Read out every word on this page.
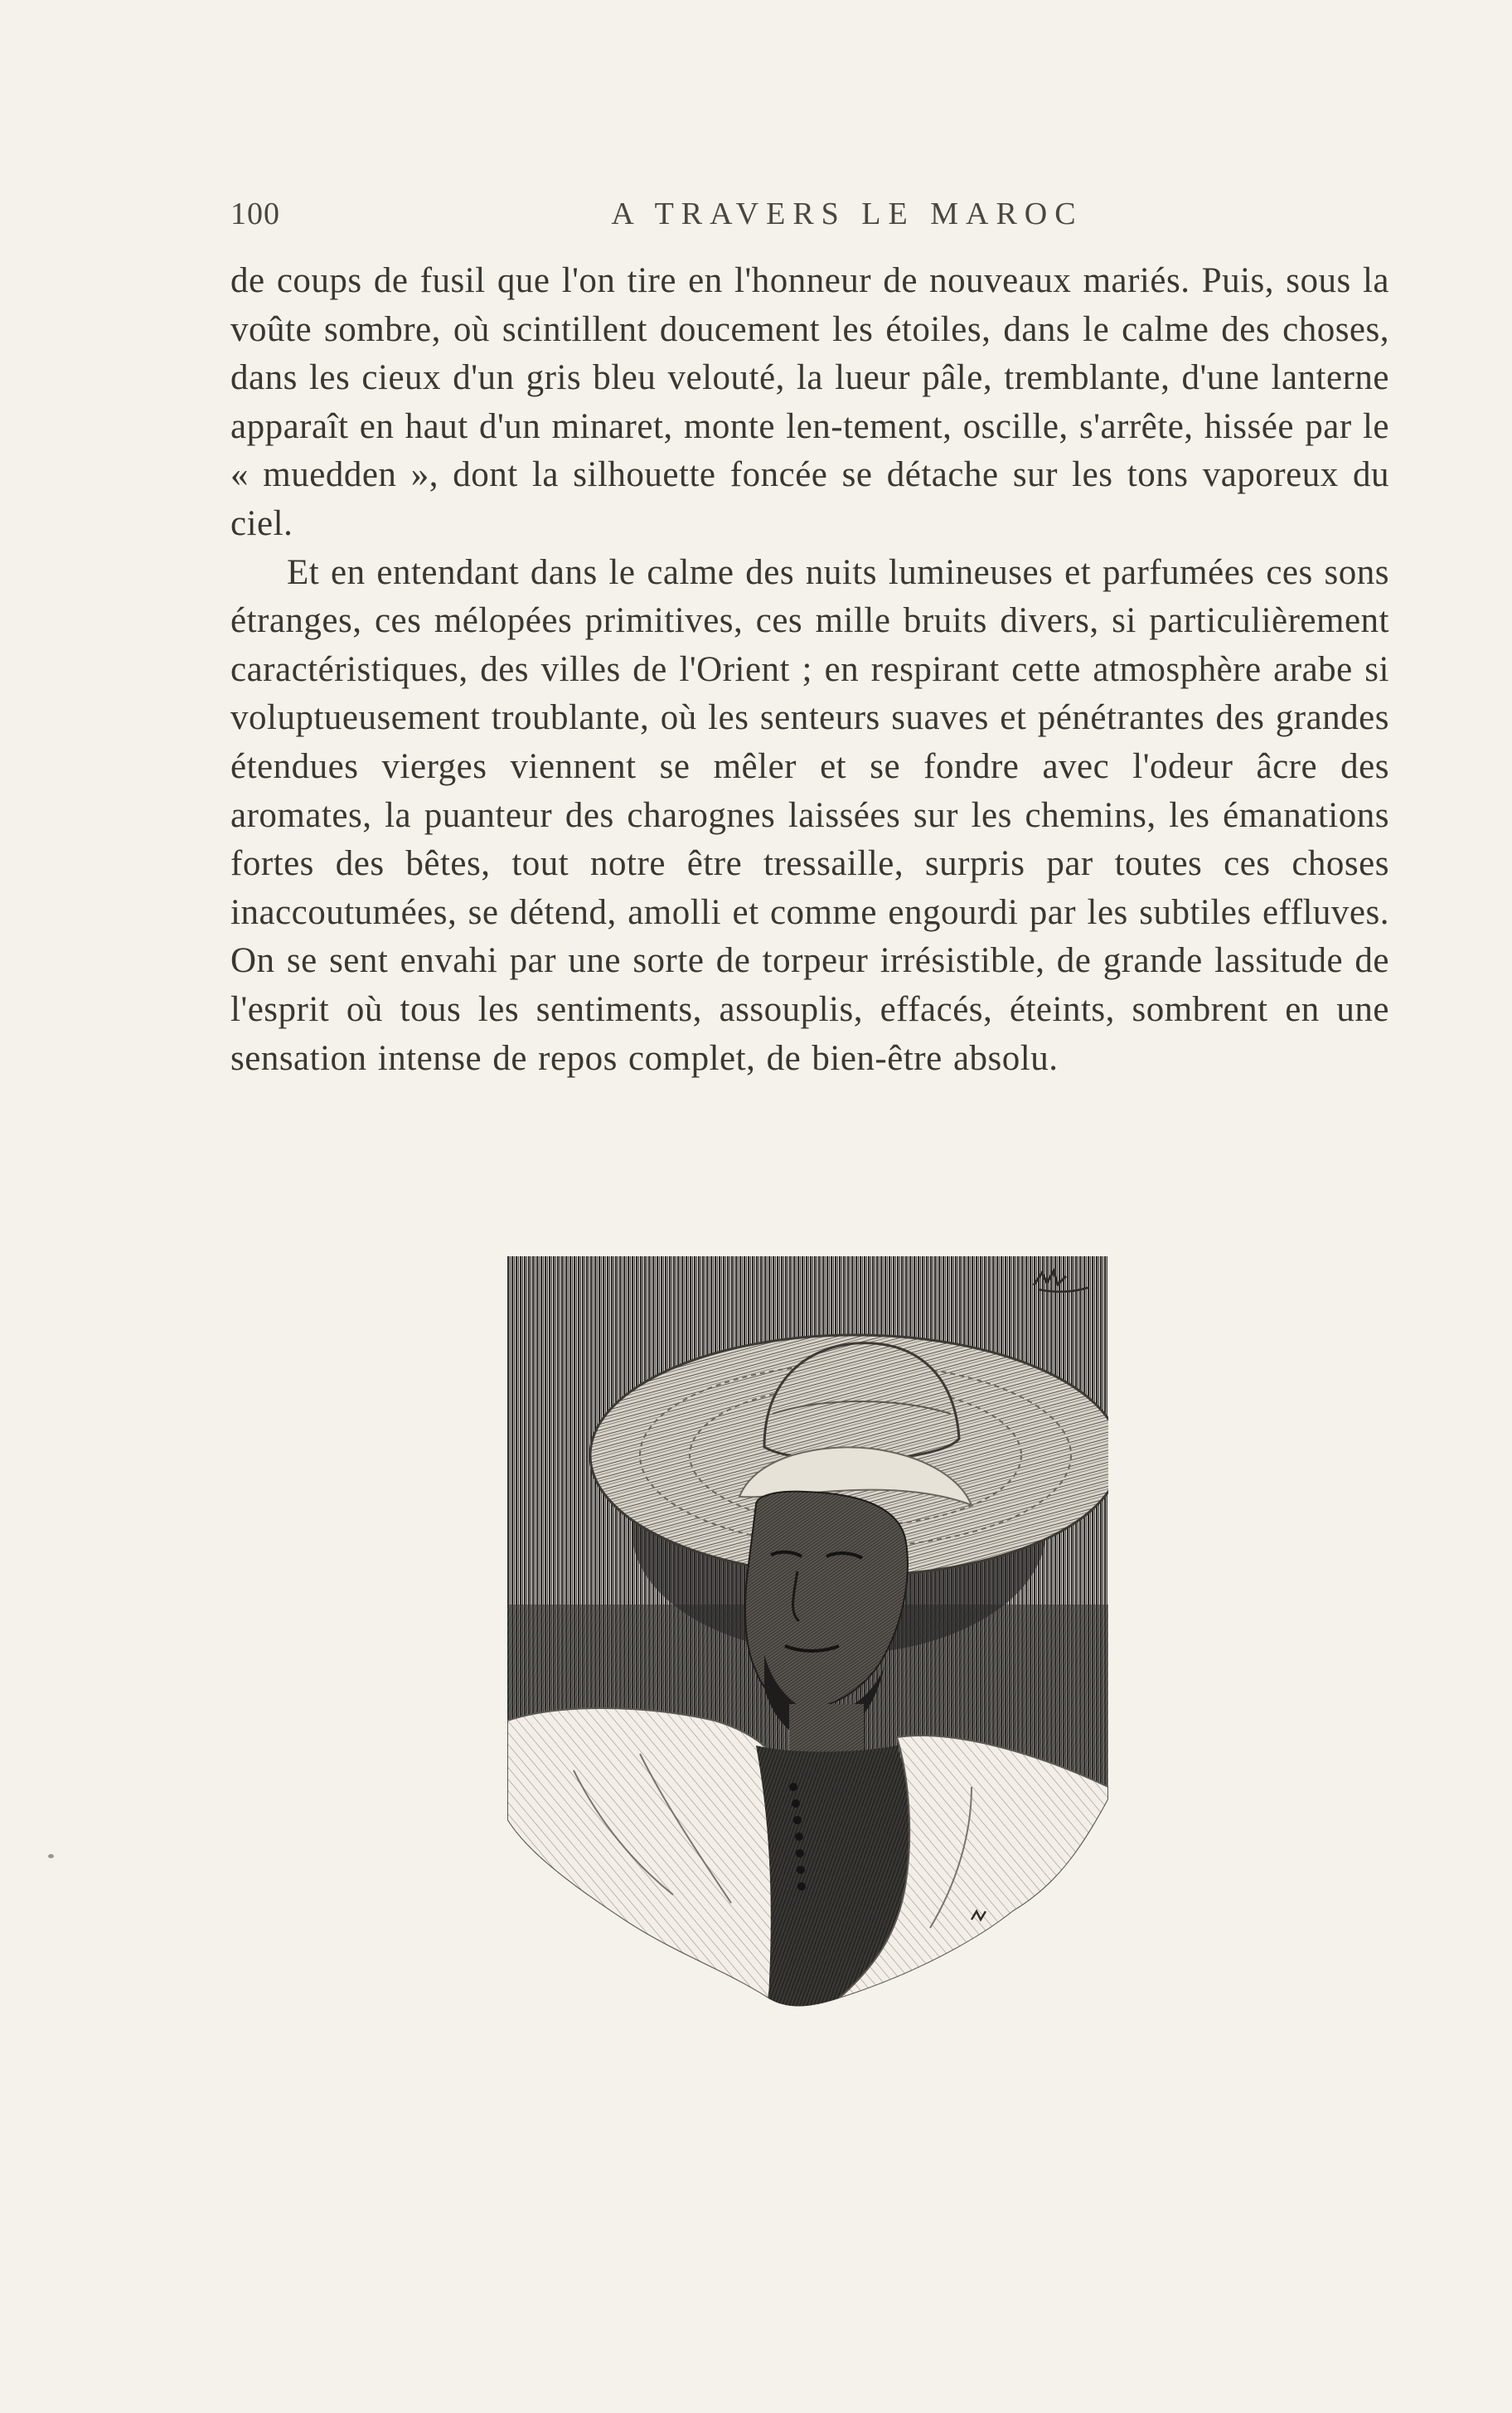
100	A TRAVERS LE MAROC

de coups de fusil que l'on tire en l'honneur de nouveaux mariés. Puis, sous la voûte sombre, où scintillent doucement les étoiles, dans le calme des choses, dans les cieux d'un gris bleu velouté, la lueur pâle, tremblante, d'une lanterne apparaît en haut d'un minaret, monte len-tement, oscille, s'arrête, hissée par le « muedden », dont la silhouette foncée se détache sur les tons vaporeux du ciel.

Et en entendant dans le calme des nuits lumineuses et parfumées ces sons étranges, ces mélopées primitives, ces mille bruits divers, si particulièrement caractéristiques, des villes de l'Orient ; en respirant cette atmosphère arabe si voluptueusement troublante, où les senteurs suaves et pénétrantes des grandes étendues vierges viennent se mêler et se fondre avec l'odeur âcre des aromates, la puanteur des charognes laissées sur les chemins, les émanations fortes des bêtes, tout notre être tressaille, surpris par toutes ces choses inaccoutumées, se détend, amolli et comme engourdi par les subtiles effluves. On se sent envahi par une sorte de torpeur irrésistible, de grande lassitude de l'esprit où tous les sentiments, assouplis, effacés, éteints, sombrent en une sensation intense de repos complet, de bien-être absolu.
